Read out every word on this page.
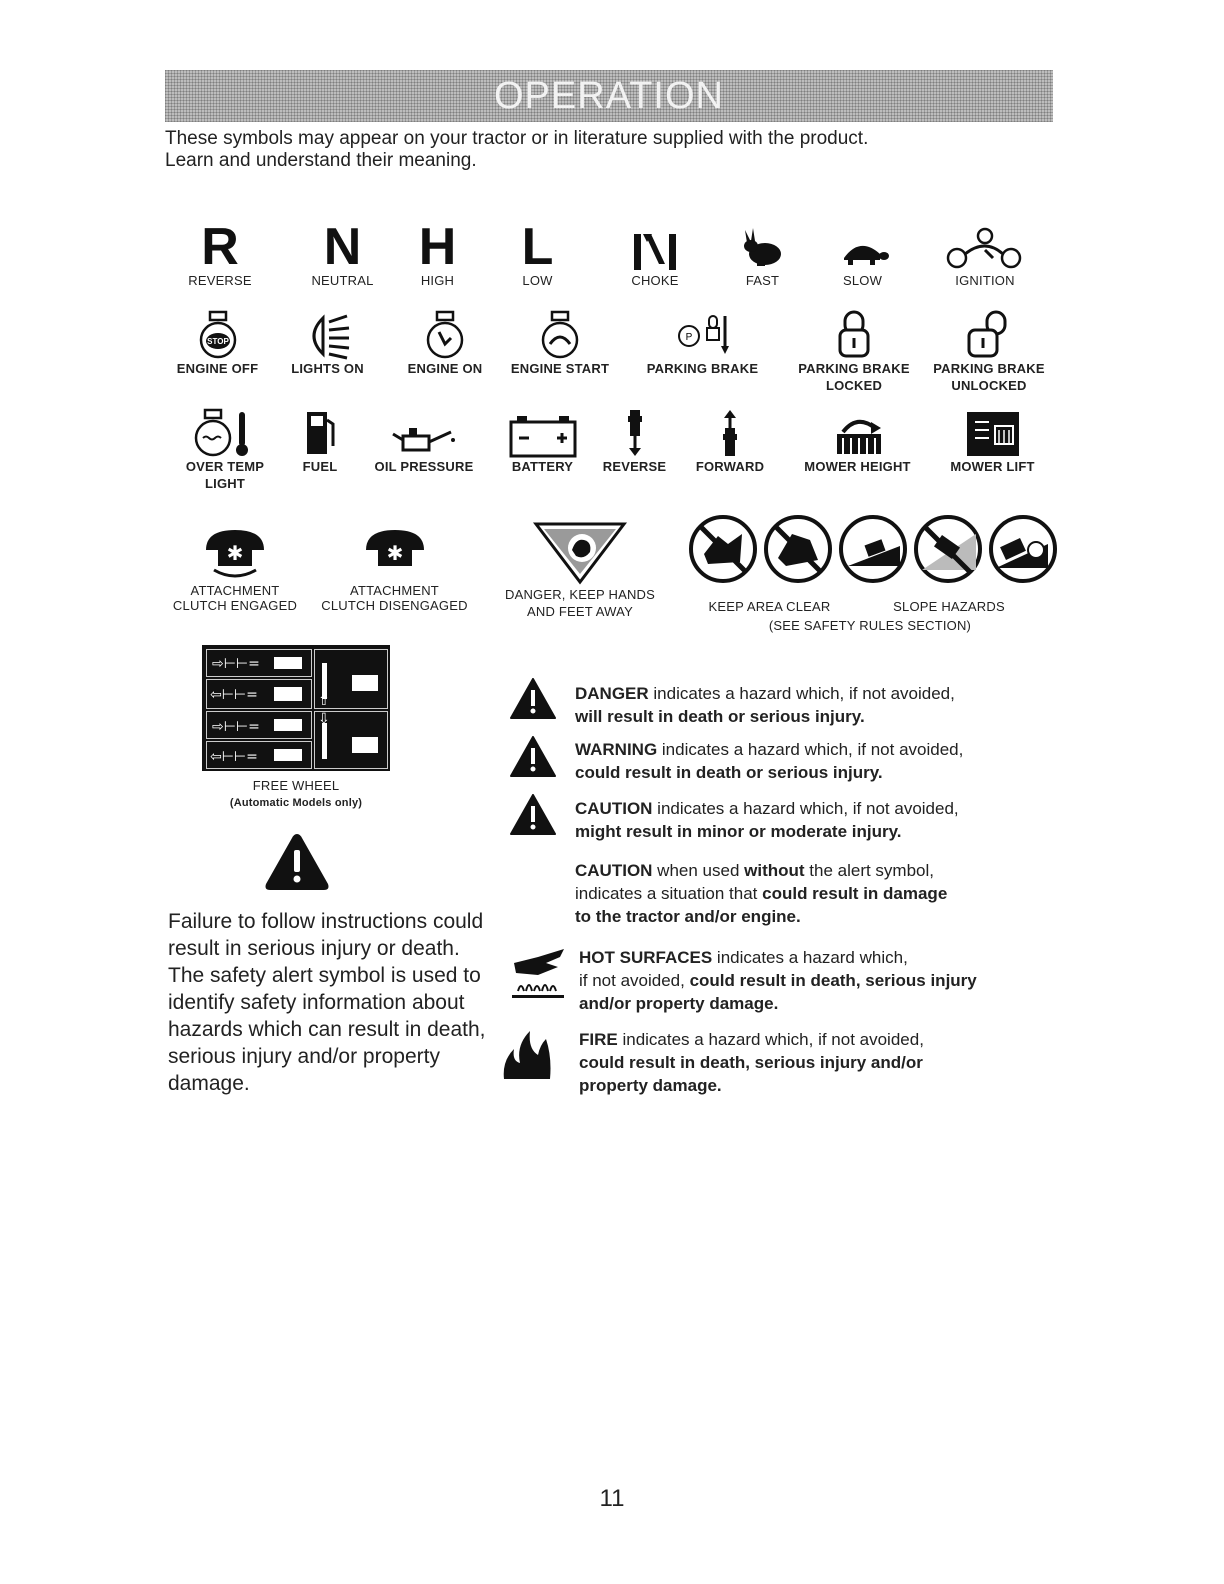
OPERATION
These symbols may appear on your tractor or in literature supplied with the product.
Learn and understand their meaning.
R
REVERSE
N
NEUTRAL
H
HIGH
L
LOW	CHOKE	FAST	SLOW	IGNITION
STOP
ENGINE OFF	LIGHTS ON	ENGINE ON	ENGINE START
P
PARKING BRAKE	PARKING BRAKE
LOCKED
PARKING BRAKE
UNLOCKED
OVER TEMP
LIGHT
FUEL	OIL PRESSURE	BATTERY	REVERSE	FORWARD	MOWER HEIGHT	MOWER LIFT
✱
ATTACHMENT
CLUTCH ENGAGED
✱
ATTACHMENT
CLUTCH DISENGAGED
DANGER, KEEP HANDS
AND FEET AWAY	KEEP AREA CLEAR	SLOPE HAZARDS
(SEE SAFETY RULES SECTION)
⇨⊢⊢=
⇦⊢⊢=
⇨⊢⊢=
⇦⊢⊢=
⇧
⇩
FREE WHEEL
(Automatic Models only)
Failure to follow instructions could result in serious injury or death. The safety alert symbol is used to identify safety information about hazards which can result in death, serious injury and/or property damage.
DANGER indicates a hazard which, if not avoided,
will result in death or serious injury.
WARNING indicates a hazard which, if not avoided,
could result in death or serious injury.
CAUTION indicates a hazard which, if not avoided,
might result in minor or moderate injury.
CAUTION when used without the alert symbol,
indicates a situation that could result in damage
to the tractor and/or engine.
HOT SURFACES indicates a hazard which,
if not avoided, could result in death, serious injury
and/or property damage.
FIRE indicates a hazard which, if not avoided,
could result in death, serious injury and/or
property damage.
11
